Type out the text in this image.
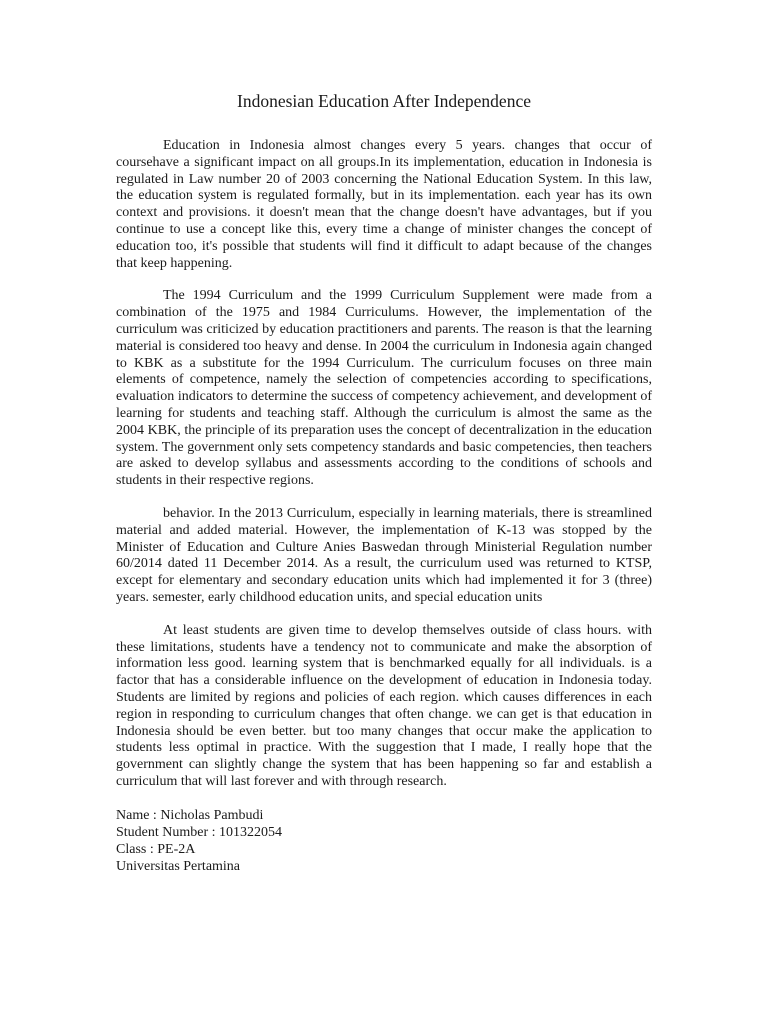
Indonesian Education After Independence

Education in Indonesia almost changes every 5 years. changes that occur of coursehave a significant impact on all groups.In its implementation, education in Indonesia is regulated in Law number 20 of 2003 concerning the National Education System. In this law, the education system is regulated formally, but in its implementation. each year has its own context and provisions. it doesn't mean that the change doesn't have advantages, but if you continue to use a concept like this, every time a change of minister changes the concept of education too, it's possible that students will find it difficult to adapt because of the changes that keep happening.

The 1994 Curriculum and the 1999 Curriculum Supplement were made from a combination of the 1975 and 1984 Curriculums. However, the implementation of the curriculum was criticized by education practitioners and parents. The reason is that the learning material is considered too heavy and dense. In 2004 the curriculum in Indonesia again changed to KBK as a substitute for the 1994 Curriculum. The curriculum focuses on three main elements of competence, namely the selection of competencies according to specifications, evaluation indicators to determine the success of competency achievement, and development of learning for students and teaching staff. Although the curriculum is almost the same as the 2004 KBK, the principle of its preparation uses the concept of decentralization in the education system. The government only sets competency standards and basic competencies, then teachers are asked to develop syllabus and assessments according to the conditions of schools and students in their respective regions.

behavior. In the 2013 Curriculum, especially in learning materials, there is streamlined material and added material. However, the implementation of K-13 was stopped by the Minister of Education and Culture Anies Baswedan through Ministerial Regulation number 60/2014 dated 11 December 2014. As a result, the curriculum used was returned to KTSP, except for elementary and secondary education units which had implemented it for 3 (three) years. semester, early childhood education units, and special education units

At least students are given time to develop themselves outside of class hours. with these limitations, students have a tendency not to communicate and make the absorption of information less good. learning system that is benchmarked equally for all individuals. is a factor that has a considerable influence on the development of education in Indonesia today. Students are limited by regions and policies of each region. which causes differences in each region in responding to curriculum changes that often change. we can get is that education in Indonesia should be even better. but too many changes that occur make the application to students less optimal in practice. With the suggestion that I made, I really hope that the government can slightly change the system that has been happening so far and establish a curriculum that will last forever and with through research.

Name : Nicholas Pambudi
Student Number : 101322054
Class : PE-2A
Universitas Pertamina
